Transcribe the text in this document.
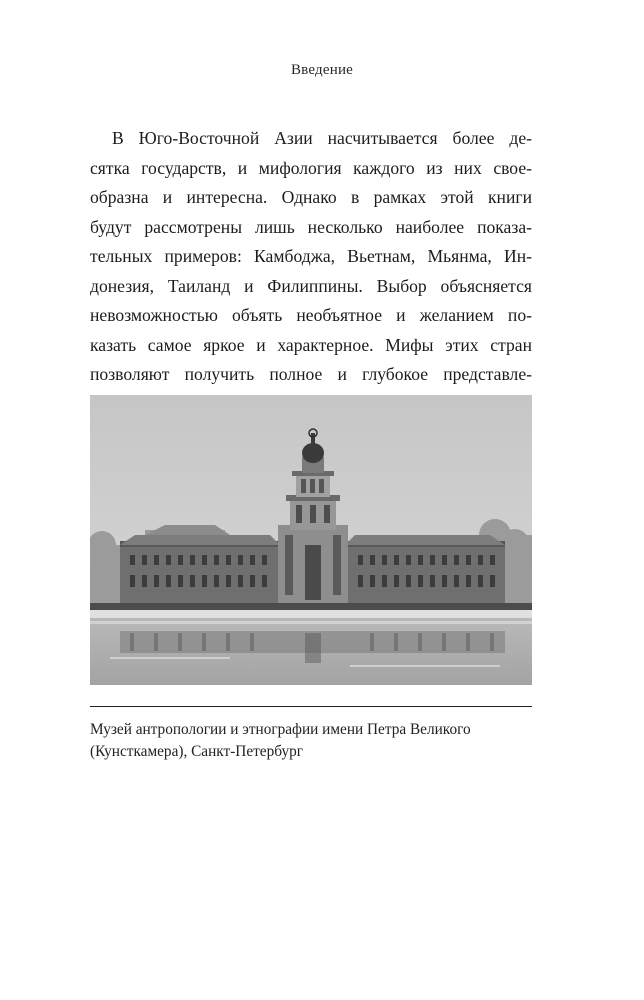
Введение
В Юго-Восточной Азии насчитывается более де-
сятка государств, и мифология каждого из них свое-
образна и интересна. Однако в рамках этой книги
будут рассмотрены лишь несколько наиболее показа-
тельных примеров: Камбоджа, Вьетнам, Мьянма, Ин-
донезия, Таиланд и Филиппины. Выбор объясняется
невозможностью объять необъятное и желанием по-
казать самое яркое и характерное. Мифы этих стран
позволяют получить полное и глубокое представле-
Музей антропологии и этнографии имени Петра Великого
(Кунсткамера), Санкт-Петербург
